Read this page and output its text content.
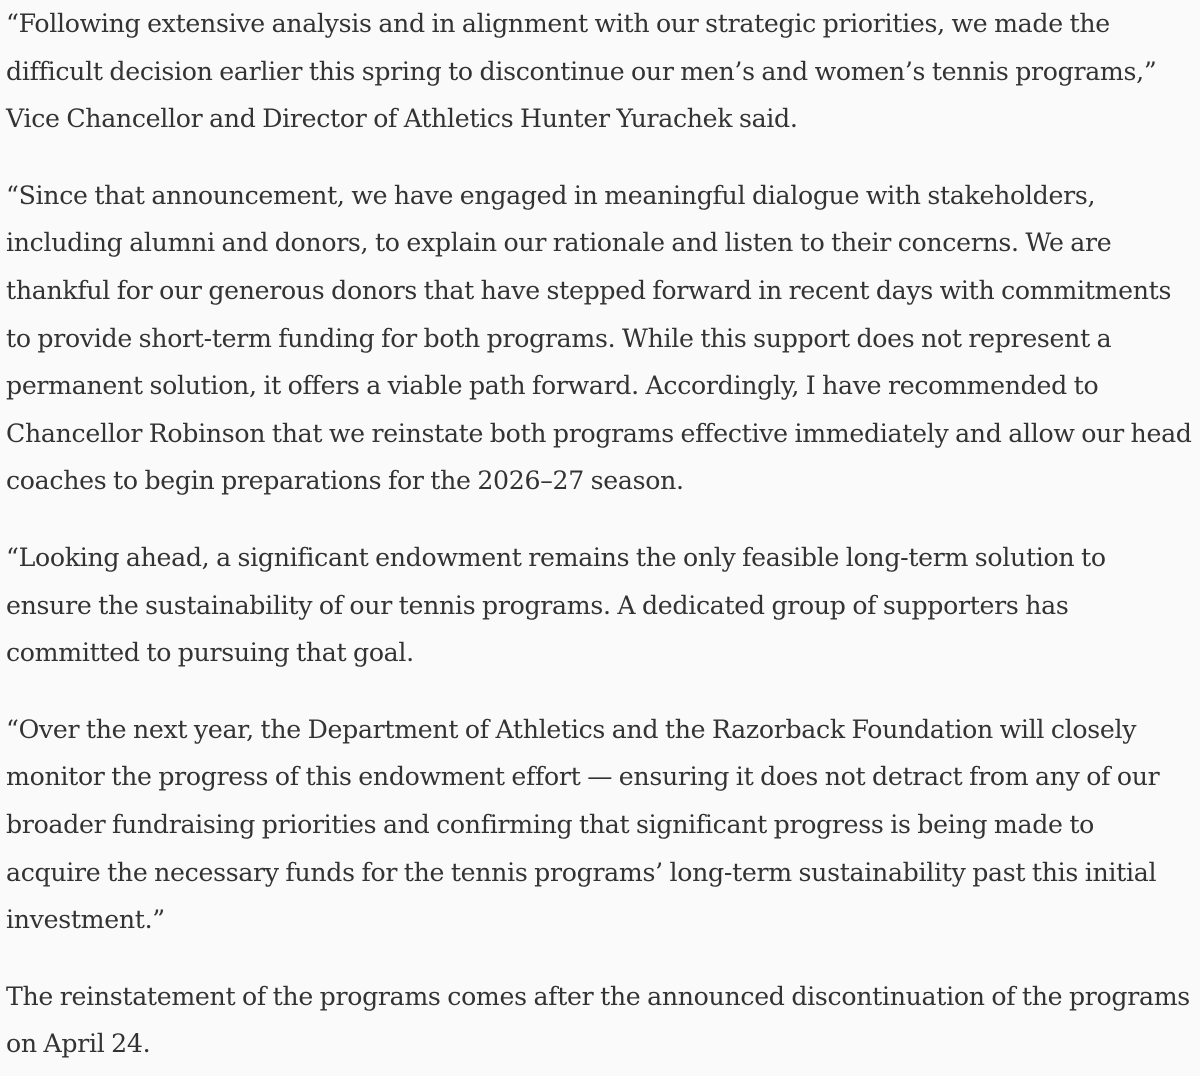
“Following extensive analysis and in alignment with our strategic priorities, we made the difficult decision earlier this spring to discontinue our men’s and women’s tennis programs,” Vice Chancellor and Director of Athletics Hunter Yurachek said.

“Since that announcement, we have engaged in meaningful dialogue with stakeholders, including alumni and donors, to explain our rationale and listen to their concerns. We are thankful for our generous donors that have stepped forward in recent days with commitments to provide short-term funding for both programs. While this support does not represent a permanent solution, it offers a viable path forward. Accordingly, I have recommended to Chancellor Robinson that we reinstate both programs effective immediately and allow our head coaches to begin preparations for the 2026–27 season.

“Looking ahead, a significant endowment remains the only feasible long-term solution to ensure the sustainability of our tennis programs. A dedicated group of supporters has committed to pursuing that goal.

“Over the next year, the Department of Athletics and the Razorback Foundation will closely monitor the progress of this endowment effort — ensuring it does not detract from any of our broader fundraising priorities and confirming that significant progress is being made to acquire the necessary funds for the tennis programs’ long-term sustainability past this initial investment.”

The reinstatement of the programs comes after the announced discontinuation of the programs on April 24.
